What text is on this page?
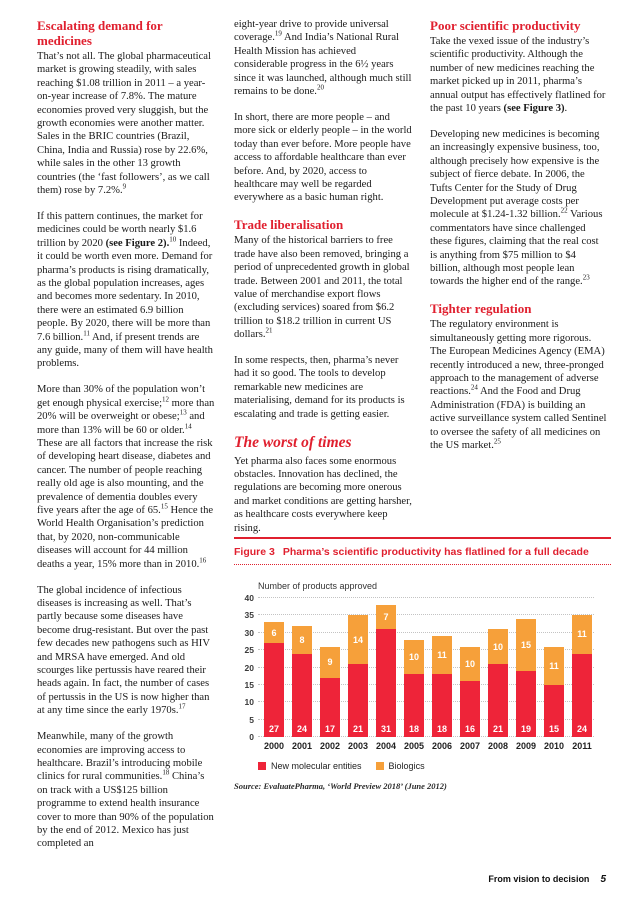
Escalating demand for medicines

That’s not all. The global pharmaceutical market is growing steadily, with sales reaching $1.08 trillion in 2011 – a year-on-year increase of 7.8%. The mature economies proved very sluggish, but the growth economies were another matter. Sales in the BRIC countries (Brazil, China, India and Russia) rose by 22.6%, while sales in the other 13 growth countries (the ‘fast followers’, as we call them) rose by 7.2%.$^9$

If this pattern continues, the market for medicines could be worth nearly $1.6 trillion by 2020 (see Figure 2).$^{10}$ Indeed, it could be worth even more. Demand for pharma’s products is rising dramatically, as the global population increases, ages and becomes more sedentary. In 2010, there were an estimated 6.9 billion people. By 2020, there will be more than 7.6 billion.$^{11}$ And, if present trends are any guide, many of them will have health problems.

More than 30% of the population won’t get enough physical exercise;$^{12}$ more than 20% will be overweight or obese;$^{13}$ and more than 13% will be 60 or older.$^{14}$ These are all factors that increase the risk of developing heart disease, diabetes and cancer. The number of people reaching really old age is also mounting, and the prevalence of dementia doubles every five years after the age of 65.15 Hence the World Health Organisation’s prediction that, by 2020, non-communicable diseases will account for 44 million deaths a year, 15% more than in 2010.16

The global incidence of infectious diseases is increasing as well. That’s partly because some diseases have become drug-resistant. But over the past few decades new pathogens such as HIV and MRSA have emerged. And old scourges like pertussis have reared their heads again. In fact, the number of cases of pertussis in the US is now higher than at any time since the early 1970s.$^{17}$

Meanwhile, many of the growth economies are improving access to healthcare. Brazil’s introducing mobile clinics for rural communities.$^{18}$ China’s on track with a US$125 billion programme to extend health insurance cover to more than 90% of the population by the end of 2012. Mexico has just completed an

eight-year drive to provide universal coverage.$^{19}$ And India’s National Rural Health Mission has achieved considerable progress in the 6½ years since it was launched, although much still remains to be done.$^{20}$

In short, there are more people – and more sick or elderly people – in the world today than ever before. More people have access to affordable healthcare than ever before. And, by 2020, access to healthcare may well be regarded everywhere as a basic human right.

Trade liberalisation

Many of the historical barriers to free trade have also been removed, bringing a period of unprecedented growth in global trade. Between 2001 and 2011, the total value of merchandise export flows (excluding services) soared from $6.2 trillion to $18.2 trillion in current US dollars.$^{21}$

In some respects, then, pharma’s never had it so good. The tools to develop remarkable new medicines are materialising, demand for its products is escalating and trade is getting easier.

The worst of times

Yet pharma also faces some enormous obstacles. Innovation has declined, the regulations are becoming more onerous and market conditions are getting harsher, as healthcare costs everywhere keep rising.

Poor scientific productivity

Take the vexed issue of the industry’s scientific productivity. Although the number of new medicines reaching the market picked up in 2011, pharma’s annual output has effectively flatlined for the past 10 years (see Figure 3).

Developing new medicines is becoming an increasingly expensive business, too, although precisely how expensive is the subject of fierce debate. In 2006, the Tufts Center for the Study of Drug Development put average costs per molecule at $1.24-1.32 billion.$^{22}$ Various commentators have since challenged these figures, claiming that the real cost is anything from $75 million to $4 billion, although most people lean towards the higher end of the range.$^{23}$

Tighter regulation

The regulatory environment is simultaneously getting more rigorous. The European Medicines Agency (EMA) recently introduced a new, three-pronged approach to the management of adverse reactions.$^{24}$ And the Food and Drug Administration (FDA) is building an active surveillance system called Sentinel to oversee the safety of all medicines on the US market.$^{25}$

Figure 3 Pharma’s scientific productivity has flatlined for a full decade
Number of products approved
0
5
10
15
20
25
30
35
40
6
27
2000
8
24
2001
9
17
2002
14
21
2003
7
31
2004
10
18
2005
11
18
2006
10
16
2007
10
21
2008
15
19
2009
11
15
2010
11
24
2011
New molecular entities	Biologics
Source: EvaluatePharma, ‘World Preview 2018’ (June 2012)
From vision to decision 5
